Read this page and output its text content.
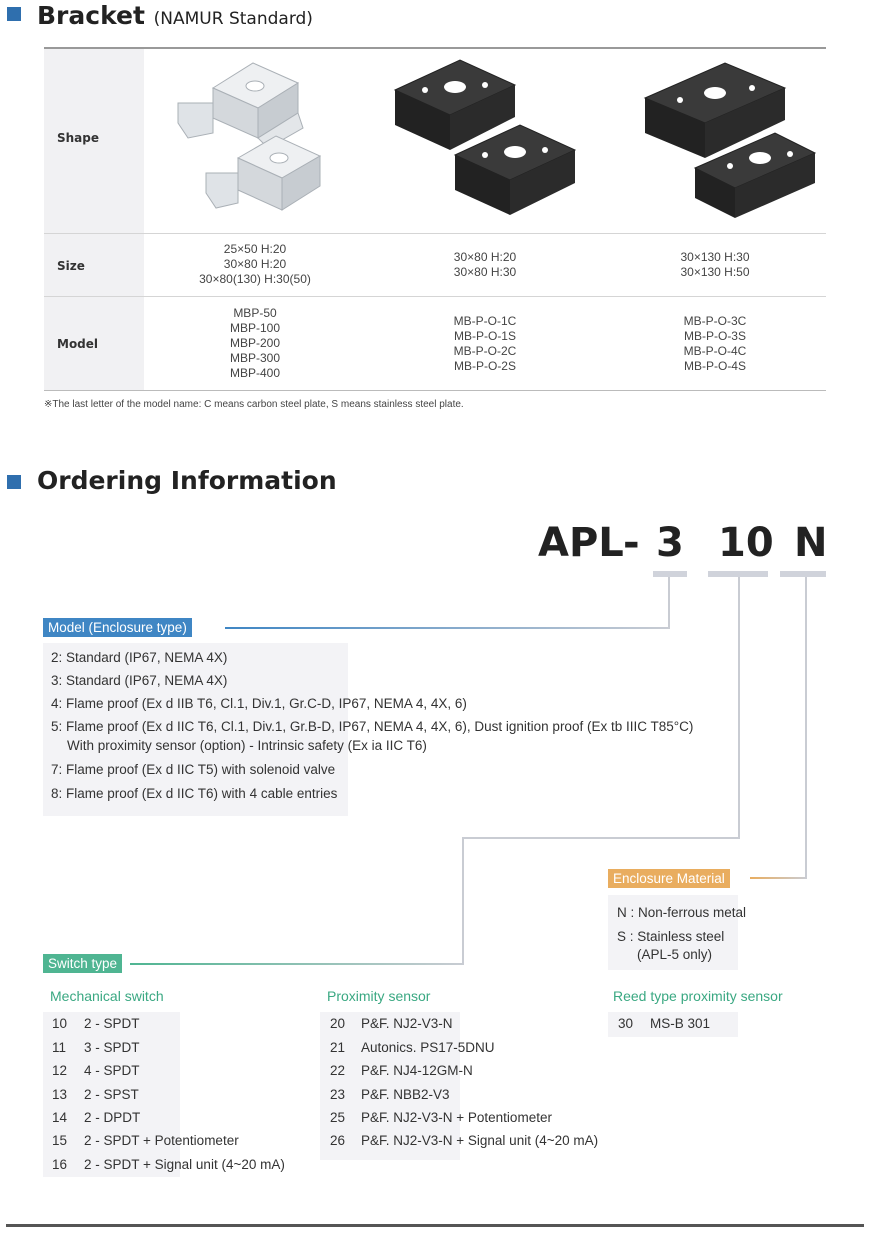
Bracket (NAMUR Standard)
Shape
Size
Model
25×50 H:20
30×80 H:20
30×80(130) H:30(50)
30×80 H:20
30×80 H:30
30×130 H:30
30×130 H:50
MBP-50
MBP-100
MBP-200
MBP-300
MBP-400
MB-P-O-1C
MB-P-O-1S
MB-P-O-2C
MB-P-O-2S
MB-P-O-3C
MB-P-O-3S
MB-P-O-4C
MB-P-O-4S
※The last letter of the model name: C means carbon steel plate, S means stainless steel plate.
Ordering Information
APL - 3 10 N
Model (Enclosure type)
2: Standard (IP67, NEMA 4X)
3: Standard (IP67, NEMA 4X)
4: Flame proof (Ex d IIB T6, Cl.1, Div.1, Gr.C-D, IP67, NEMA 4, 4X, 6)
5: Flame proof (Ex d IIC T6, Cl.1, Div.1, Gr.B-D, IP67, NEMA 4, 4X, 6), Dust ignition proof (Ex tb IIIC T85°C)
With proximity sensor (option) - Intrinsic safety (Ex ia IIC T6)
7: Flame proof (Ex d IIC T5) with solenoid valve
8: Flame proof (Ex d IIC T6) with 4 cable entries
Enclosure Material
N : Non-ferrous metal
S : Stainless steel
(APL-5 only)
Switch type
Mechanical switch
10 2 - SPDT
11 3 - SPDT
12 4 - SPDT
13 2 - SPST
14 2 - DPDT
15 2 - SPDT + Potentiometer
16 2 - SPDT + Signal unit (4~20 mA)
Proximity sensor
20 P&F. NJ2-V3-N
21 Autonics. PS17-5DNU
22 P&F. NJ4-12GM-N
23 P&F. NBB2-V3
25 P&F. NJ2-V3-N + Potentiometer
26 P&F. NJ2-V3-N + Signal unit (4~20 mA)
Reed type proximity sensor
30 MS-B 301
